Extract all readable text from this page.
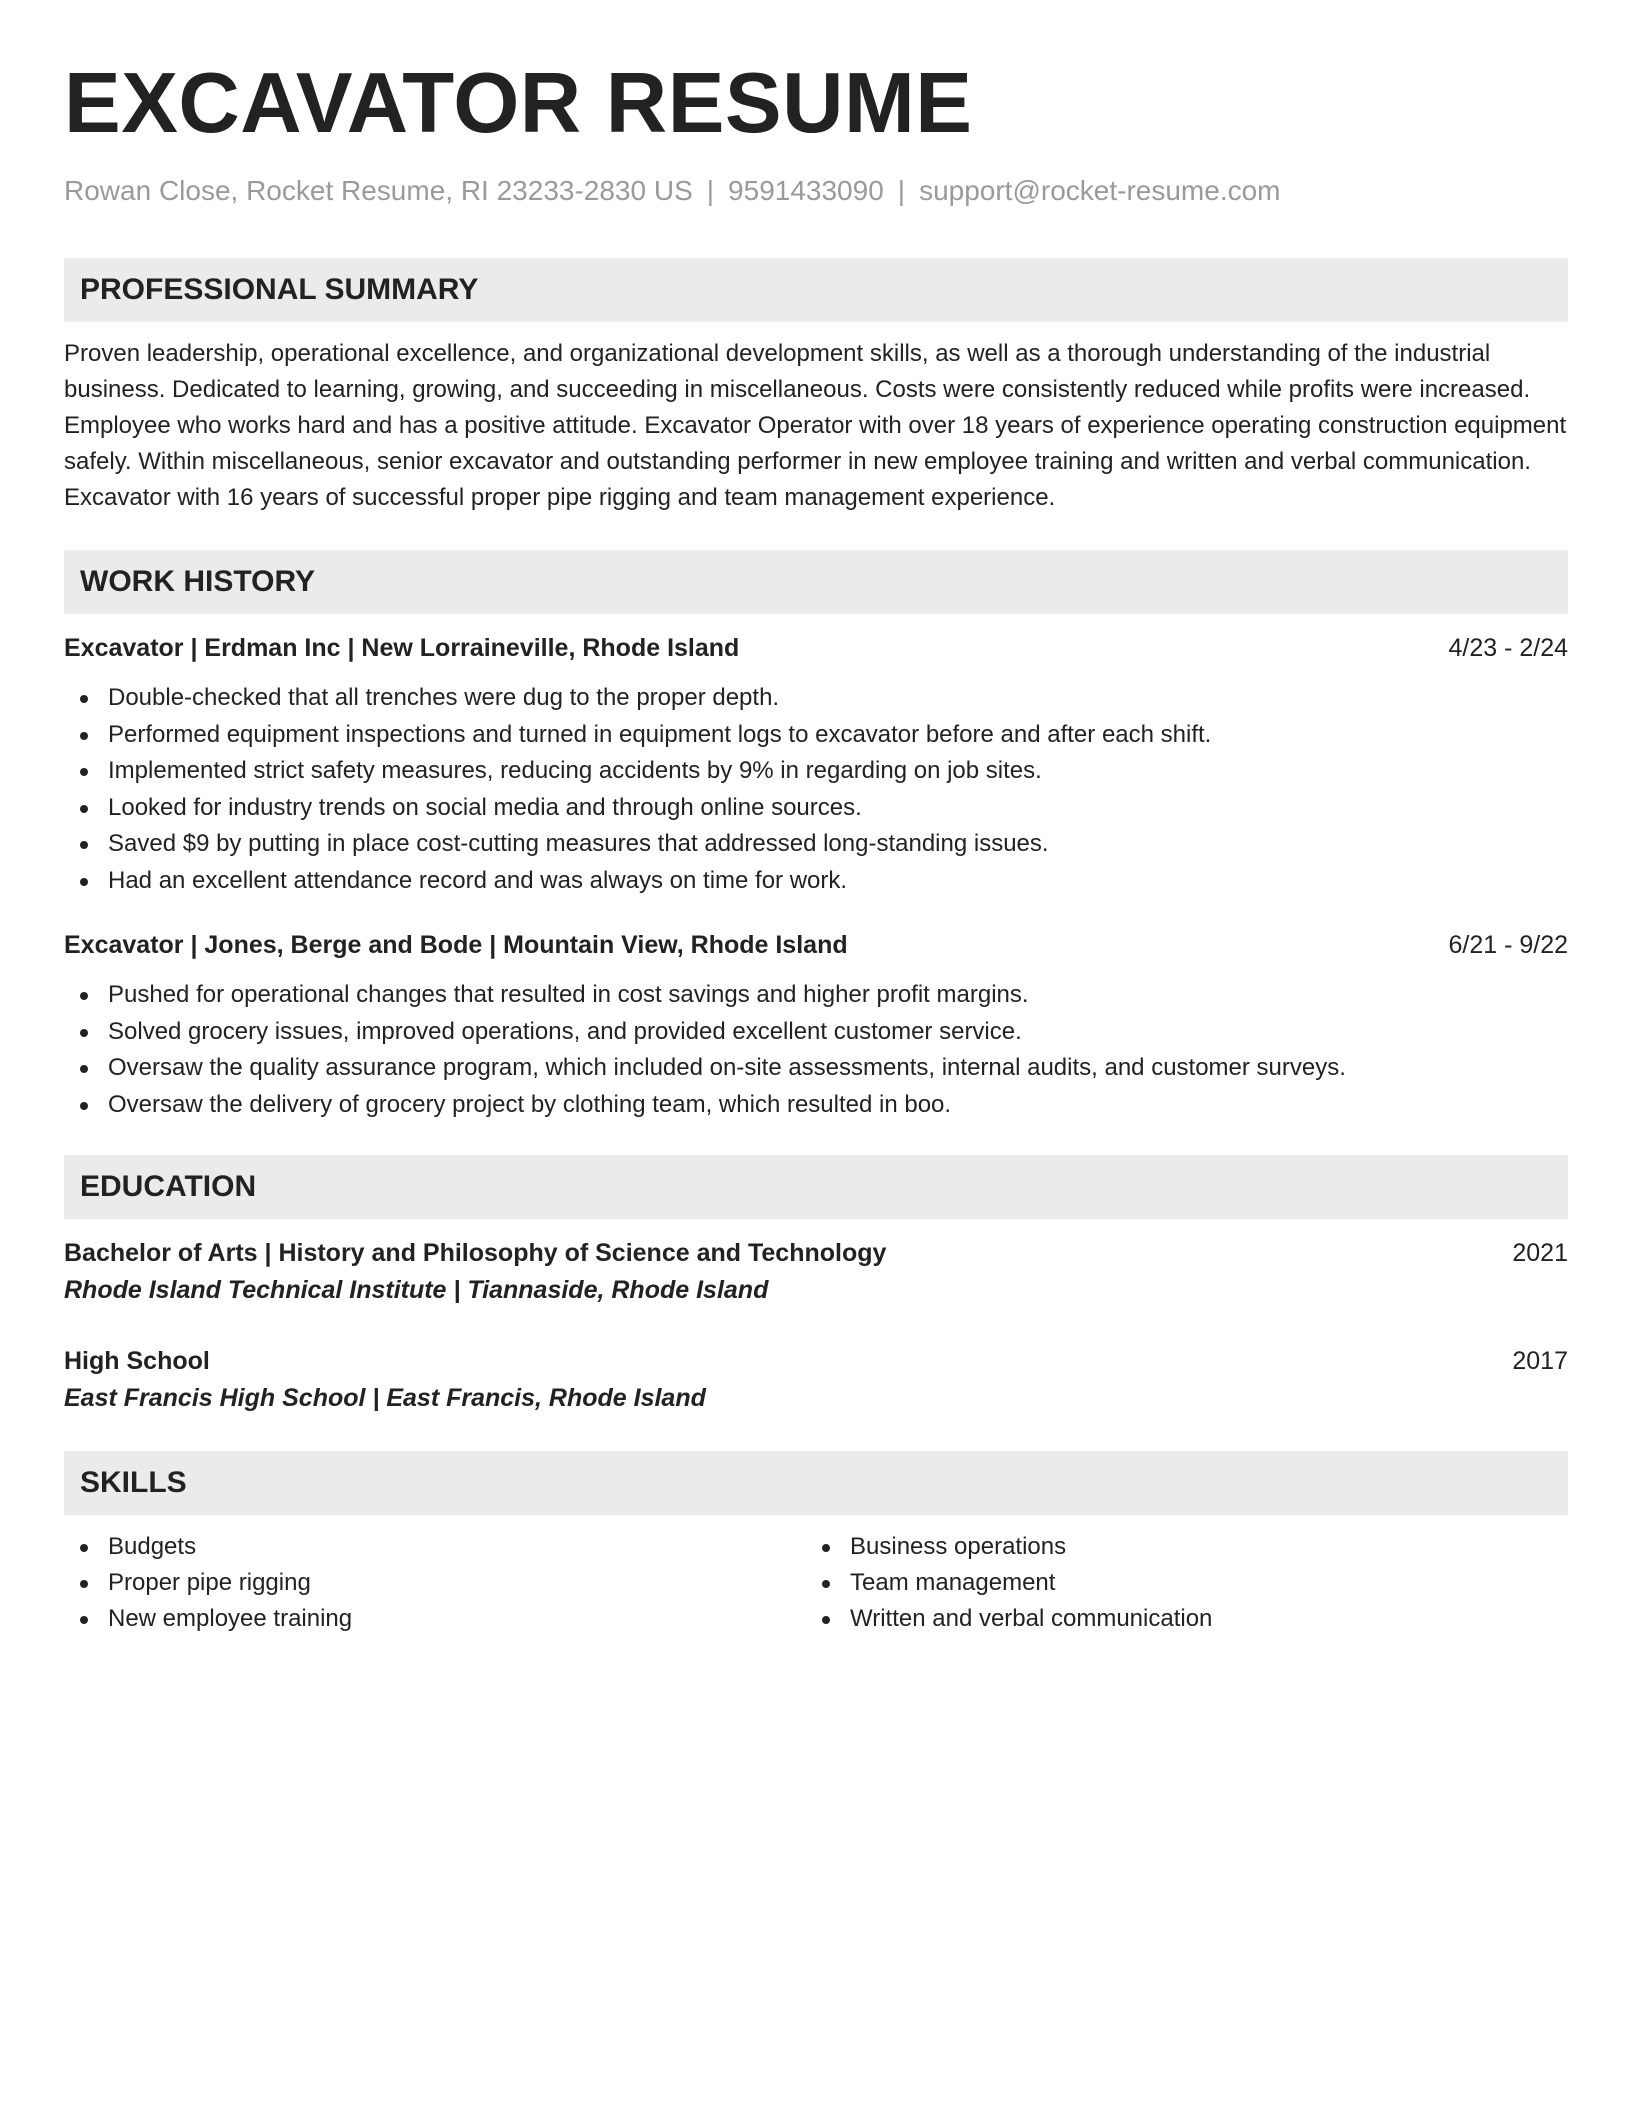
EXCAVATOR RESUME
Rowan Close, Rocket Resume, RI 23233-2830 US | 9591433090 | support@rocket-resume.com
PROFESSIONAL SUMMARY

Proven leadership, operational excellence, and organizational development skills, as well as a thorough understanding of the industrial business. Dedicated to learning, growing, and succeeding in miscellaneous. Costs were consistently reduced while profits were increased. Employee who works hard and has a positive attitude. Excavator Operator with over 18 years of experience operating construction equipment safely. Within miscellaneous, senior excavator and outstanding performer in new employee training and written and verbal communication. Excavator with 16 years of successful proper pipe rigging and team management experience.

WORK HISTORY
Excavator | Erdman Inc | New Lorraineville, Rhode Island	4/23 - 2/24
Double-checked that all trenches were dug to the proper depth.
Performed equipment inspections and turned in equipment logs to excavator before and after each shift.
Implemented strict safety measures, reducing accidents by 9% in regarding on job sites.
Looked for industry trends on social media and through online sources.
Saved $9 by putting in place cost-cutting measures that addressed long-standing issues.
Had an excellent attendance record and was always on time for work.
Excavator | Jones, Berge and Bode | Mountain View, Rhode Island	6/21 - 9/22
Pushed for operational changes that resulted in cost savings and higher profit margins.
Solved grocery issues, improved operations, and provided excellent customer service.
Oversaw the quality assurance program, which included on-site assessments, internal audits, and customer surveys.
Oversaw the delivery of grocery project by clothing team, which resulted in boo.
EDUCATION
Bachelor of Arts | History and Philosophy of Science and Technology	2021
Rhode Island Technical Institute | Tiannaside, Rhode Island
High School	2017
East Francis High School | East Francis, Rhode Island
SKILLS
Budgets
Proper pipe rigging
New employee training
Business operations
Team management
Written and verbal communication
